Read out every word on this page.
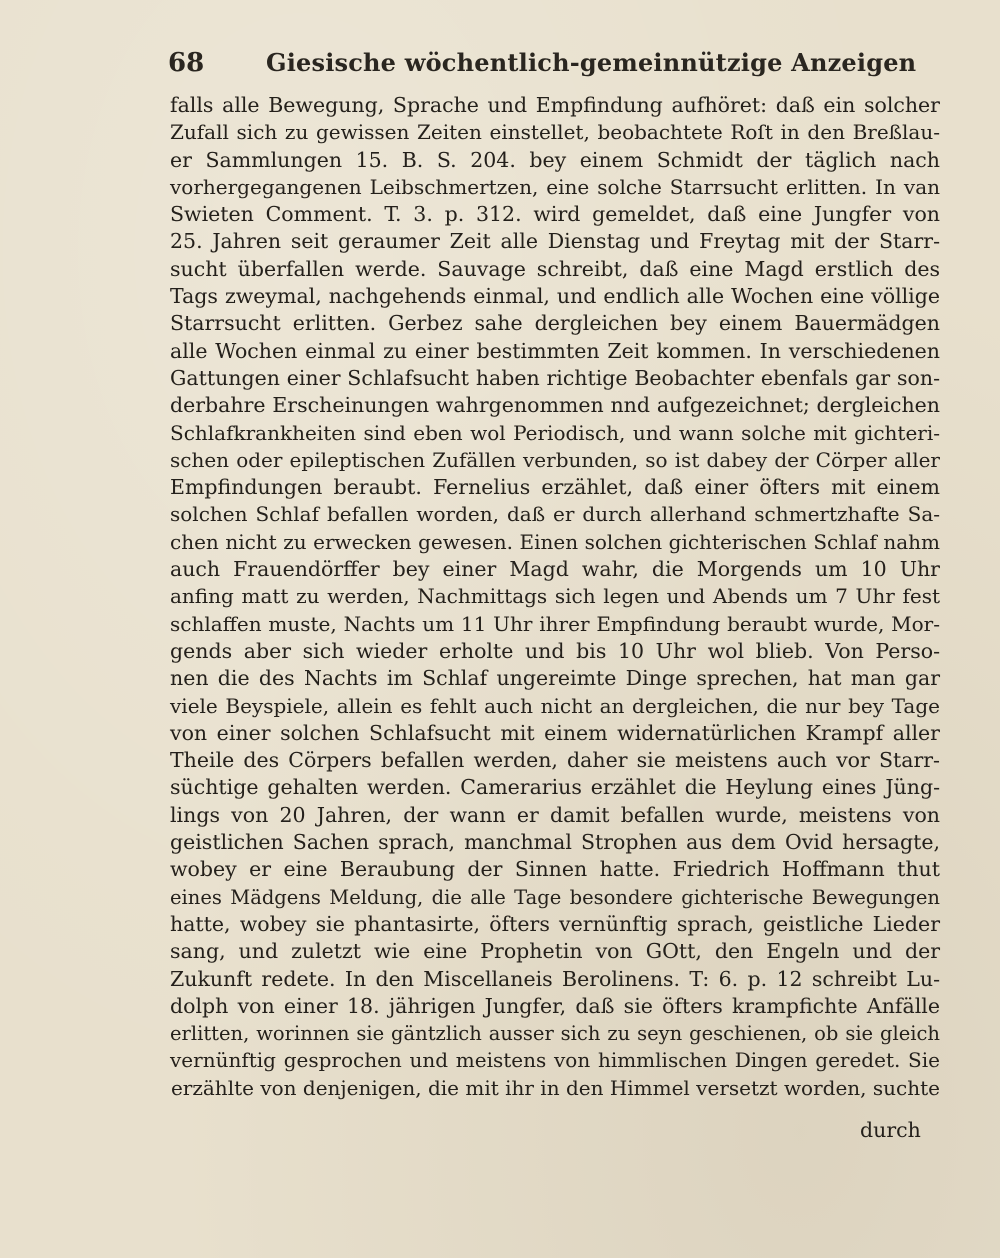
68	Giesische wöchentlich-gemeinnützige Anzeigen
falls alle Bewegung, Sprache und Empfindung aufhöret: daß ein solcher
Zufall sich zu gewissen Zeiten einstellet, beobachtete Roſt in den Breßlau-
er Sammlungen 15. B. S. 204. bey einem Schmidt der täglich nach
vorhergegangenen Leibschmertzen, eine solche Starrsucht erlitten. In van
Swieten Comment. T. 3. p. 312. wird gemeldet, daß eine Jungfer von
25. Jahren seit geraumer Zeit alle Dienstag und Freytag mit der Starr-
sucht überfallen werde. Sauvage schreibt, daß eine Magd erstlich des
Tags zweymal, nachgehends einmal, und endlich alle Wochen eine völlige
Starrsucht erlitten. Gerbez sahe dergleichen bey einem Bauermädgen
alle Wochen einmal zu einer bestimmten Zeit kommen. In verschiedenen
Gattungen einer Schlafsucht haben richtige Beobachter ebenfals gar son-
derbahre Erscheinungen wahrgenommen nnd aufgezeichnet; dergleichen
Schlafkrankheiten sind eben wol Periodisch, und wann solche mit gichteri-
schen oder epileptischen Zufällen verbunden, so ist dabey der Cörper aller
Empfindungen beraubt. Fernelius erzählet, daß einer öfters mit einem
solchen Schlaf befallen worden, daß er durch allerhand schmertzhafte Sa-
chen nicht zu erwecken gewesen. Einen solchen gichterischen Schlaf nahm
auch Frauendörffer bey einer Magd wahr, die Morgends um 10 Uhr
anfing matt zu werden, Nachmittags sich legen und Abends um 7 Uhr fest
schlaffen muste, Nachts um 11 Uhr ihrer Empfindung beraubt wurde, Mor-
gends aber sich wieder erholte und bis 10 Uhr wol blieb. Von Perso-
nen die des Nachts im Schlaf ungereimte Dinge sprechen, hat man gar
viele Beyspiele, allein es fehlt auch nicht an dergleichen, die nur bey Tage
von einer solchen Schlafsucht mit einem widernatürlichen Krampf aller
Theile des Cörpers befallen werden, daher sie meistens auch vor Starr-
süchtige gehalten werden. Camerarius erzählet die Heylung eines Jüng-
lings von 20 Jahren, der wann er damit befallen wurde, meistens von
geistlichen Sachen sprach, manchmal Strophen aus dem Ovid hersagte,
wobey er eine Beraubung der Sinnen hatte. Friedrich Hoffmann thut
eines Mädgens Meldung, die alle Tage besondere gichterische Bewegungen
hatte, wobey sie phantasirte, öfters vernünftig sprach, geistliche Lieder
sang, und zuletzt wie eine Prophetin von GOtt, den Engeln und der
Zukunft redete. In den Miscellaneis Berolinens. T: 6. p. 12 schreibt Lu-
dolph von einer 18. jährigen Jungfer, daß sie öfters krampfichte Anfälle
erlitten, worinnen sie gäntzlich ausser sich zu seyn geschienen, ob sie gleich
vernünftig gesprochen und meistens von himmlischen Dingen geredet. Sie
erzählte von denjenigen, die mit ihr in den Himmel versetzt worden, suchte
durch
